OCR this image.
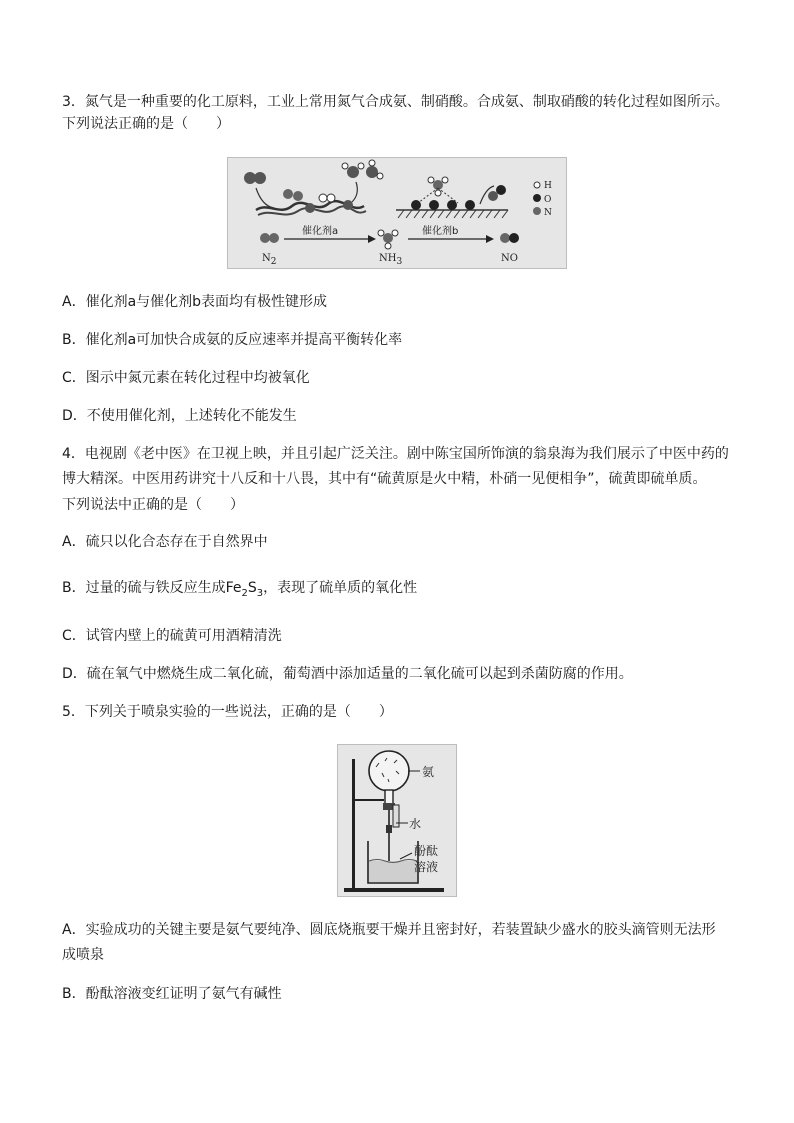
3．氮气是一种重要的化工原料，工业上常用氮气合成氨、制硝酸。合成氨、制取硝酸的转化过程如图所示。
下列说法正确的是（　　）
催化剂a	催化剂b
N2	NH3	NO
H
O
N
A．催化剂a与催化剂b表面均有极性键形成
B．催化剂a可加快合成氨的反应速率并提高平衡转化率
C．图示中氮元素在转化过程中均被氧化
D．不使用催化剂，上述转化不能发生
4．电视剧《老中医》在卫视上映，并且引起广泛关注。剧中陈宝国所饰演的翁泉海为我们展示了中医中药的
博大精深。中医用药讲究十八反和十八畏，其中有“硫黄原是火中精，朴硝一见便相争”，硫黄即硫单质。
下列说法中正确的是（　　）
A．硫只以化合态存在于自然界中
B．过量的硫与铁反应生成$Fe_2S_3$，表现了硫单质的氧化性
C．试管内壁上的硫黄可用酒精清洗
D．硫在氧气中燃烧生成二氧化硫，葡萄酒中添加适量的二氧化硫可以起到杀菌防腐的作用。
5．下列关于喷泉实验的一些说法，正确的是（　　）
氨
水
酚酞
溶液
A．实验成功的关键主要是氨气要纯净、圆底烧瓶要干燥并且密封好，若装置缺少盛水的胶头滴管则无法形
成喷泉
B．酚酞溶液变红证明了氨气有碱性
